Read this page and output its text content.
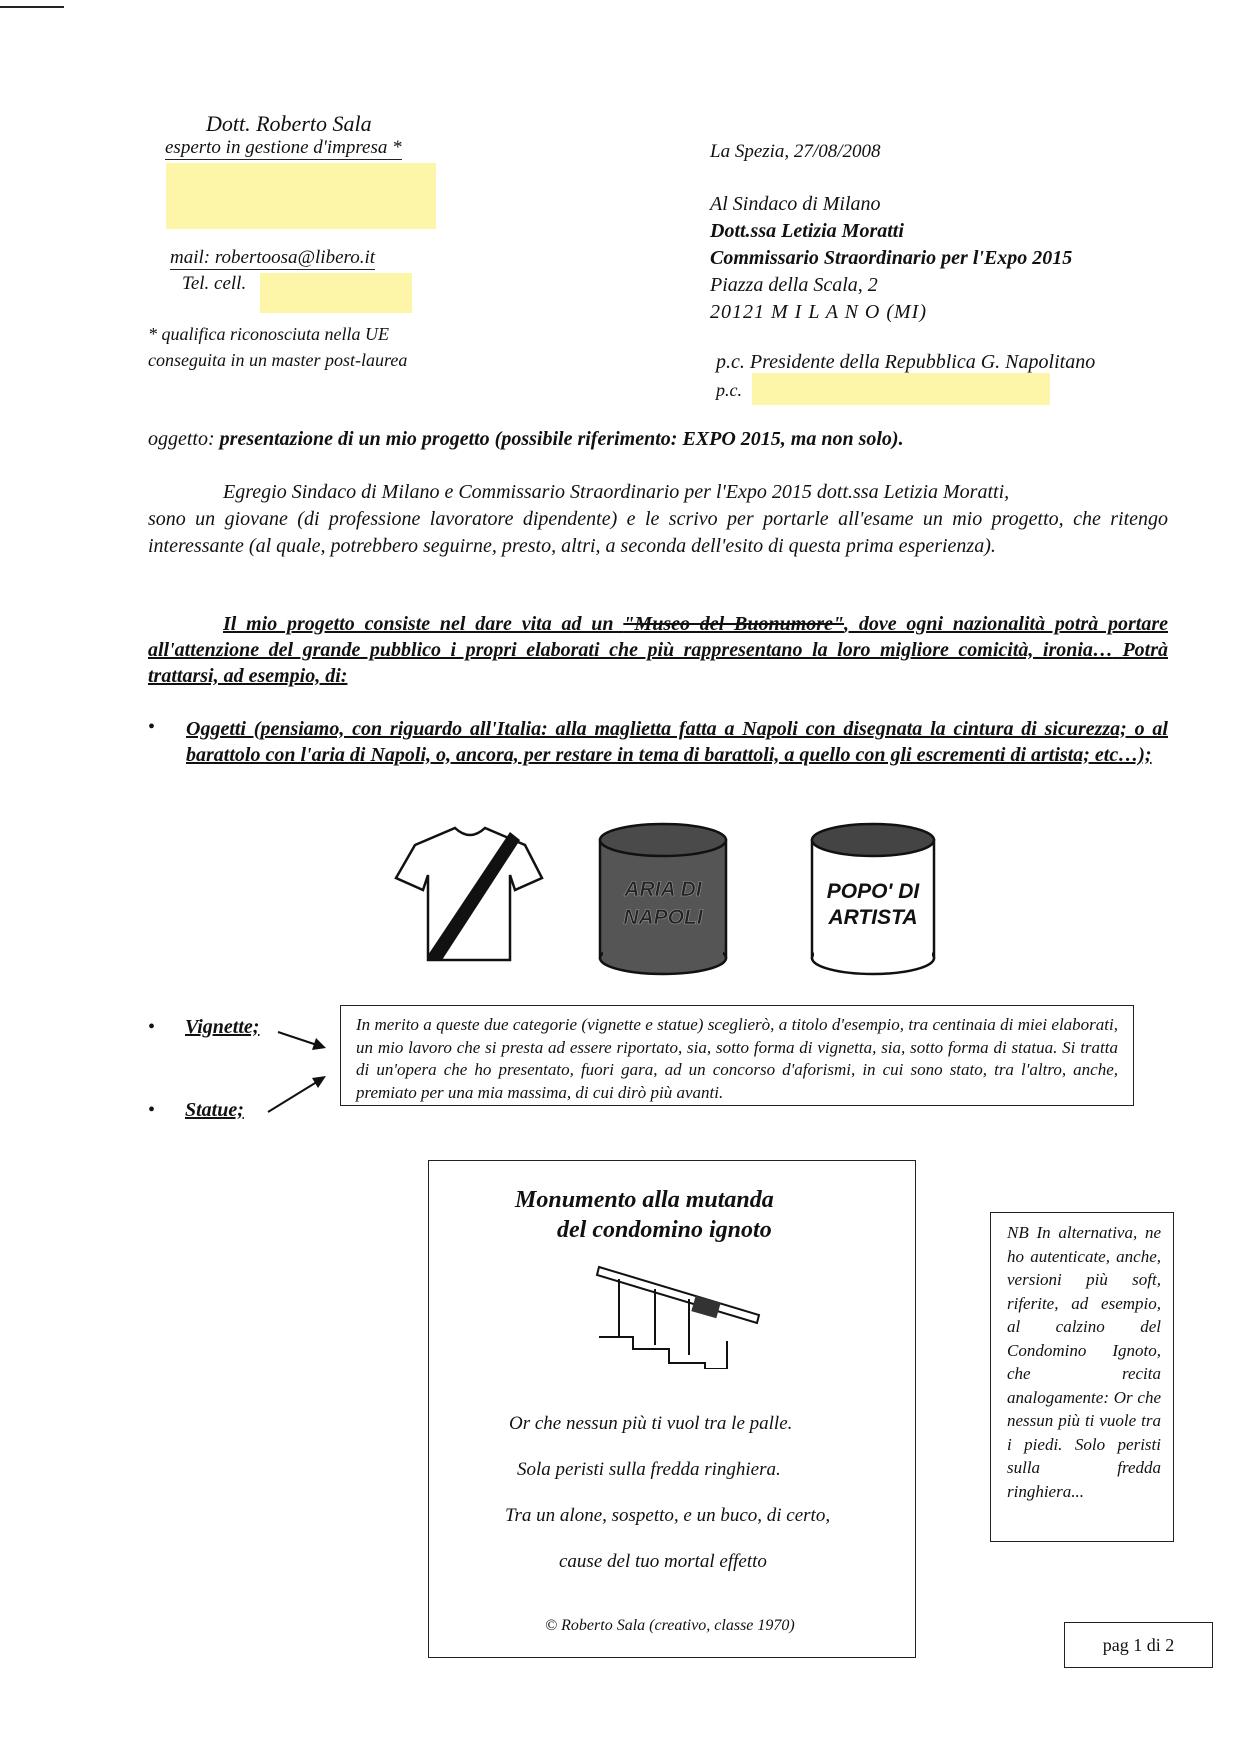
Dott. Roberto Sala
esperto in gestione d'impresa *
mail: robertoosa@libero.it
Tel. cell.
* qualifica riconosciuta nella UE
conseguita in un master post-laurea
La Spezia, 27/08/2008
Al Sindaco di Milano
Dott.ssa Letizia Moratti
Commissario Straordinario per l'Expo 2015
Piazza della Scala, 2
20121 M I L A N O (MI)
p.c. Presidente della Repubblica G. Napolitano
p.c.
oggetto: presentazione di un mio progetto (possibile riferimento: EXPO 2015, ma non solo).
Egregio Sindaco di Milano e Commissario Straordinario per l'Expo 2015 dott.ssa Letizia Moratti,
sono un giovane (di professione lavoratore dipendente) e le scrivo per portarle all'esame un mio progetto, che ritengo interessante (al quale, potrebbero seguirne, presto, altri, a seconda dell'esito di questa prima esperienza).
Il mio progetto consiste nel dare vita ad un "Museo del Buonumore", dove ogni nazionalità potrà portare all'attenzione del grande pubblico i propri elaborati che più rappresentano la loro migliore comicità, ironia… Potrà trattarsi, ad esempio, di:
• Oggetti (pensiamo, con riguardo all'Italia: alla maglietta fatta a Napoli con disegnata la cintura di sicurezza; o al barattolo con l'aria di Napoli, o, ancora, per restare in tema di barattoli, a quello con gli escrementi di artista; etc…);
ARIA DI
NAPOLI
POPO' DI
ARTISTA
• Vignette;
• Statue;
In merito a queste due categorie (vignette e statue) sceglierò, a titolo d'esempio, tra centinaia di miei elaborati, un mio lavoro che si presta ad essere riportato, sia, sotto forma di vignetta, sia, sotto forma di statua. Si tratta di un'opera che ho presentato, fuori gara, ad un concorso d'aforismi, in cui sono stato, tra l'altro, anche, premiato per una mia massima, di cui dirò più avanti.
Monumento alla mutanda
del condomino ignoto
Or che nessun più ti vuol tra le palle.
Sola peristi sulla fredda ringhiera.
Tra un alone, sospetto, e un buco, di certo,
cause del tuo mortal effetto
© Roberto Sala (creativo, classe 1970)
NB In alternativa, ne ho autenticate, anche, versioni più soft, riferite, ad esempio, al calzino del Condomino Ignoto, che recita analogamente: Or che nessun più ti vuole tra i piedi. Solo peristi sulla fredda ringhiera...
pag 1 di 2
